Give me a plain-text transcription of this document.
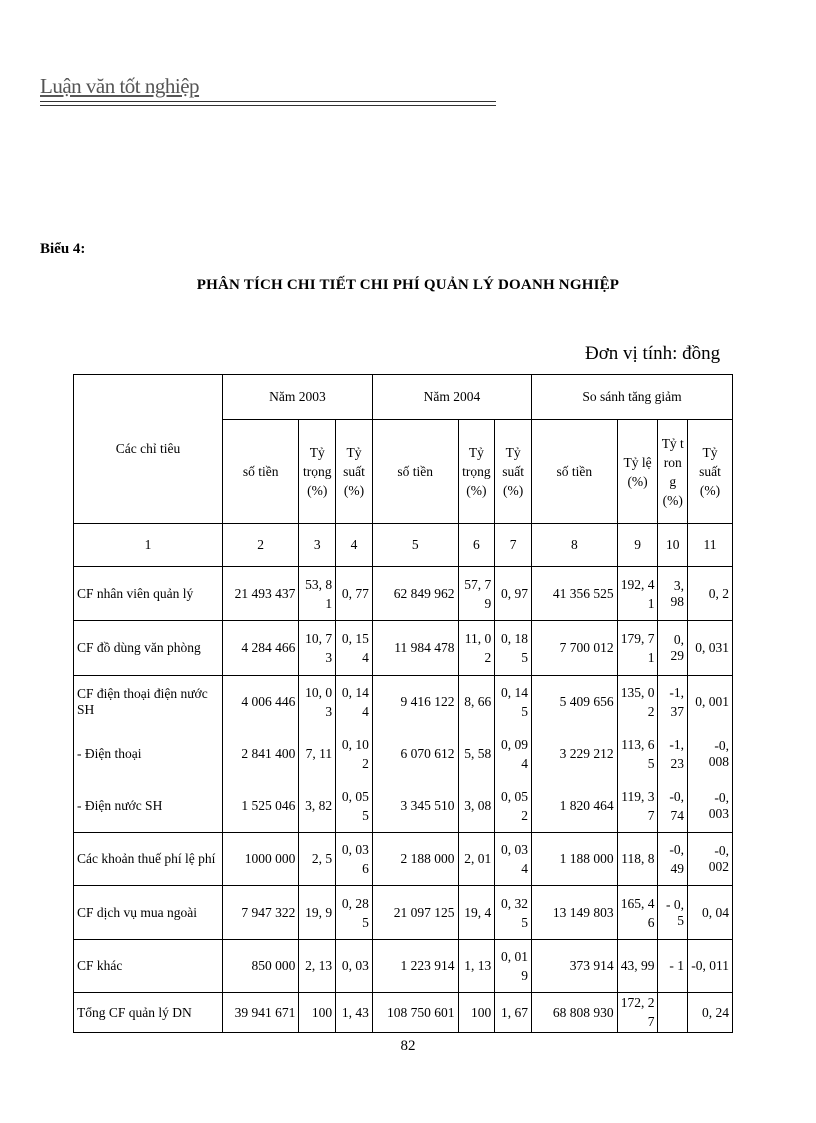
Luận văn tốt nghiệp
Biểu 4:
PHÂN TÍCH CHI TIẾT CHI PHÍ QUẢN LÝ DOANH NGHIỆP
Đơn vị tính: đồng
Các chỉ tiêu	Năm 2003			Năm 2004			So sánh tăng giảm			
	số tiền	Tỷ trọng (%)	Tỷ suất (%)	số tiền	Tỷ trọng (%)	Tỷ suất (%)	số tiền	Tỷ lệ (%)	Tỷ tron g (%)	Tỷ suất (%)
1	2	3	4	5	6	7	8	9	10	11
CF nhân viên quản lý	21 493 437	53, 81	0, 77	62 849 962	57, 79	0, 97	41 356 525	192, 41	3, 98	0, 2
CF đồ dùng văn phòng	4 284 466	10, 73	0, 154	11 984 478	11, 02	0, 185	7 700 012	179, 71	0, 29	0, 031
CF điện thoại điện nước SH	4 006 446	10, 03	0, 144	9 416 122	8, 66	0, 145	5 409 656	135, 02	-1, 37	0, 001
- Điện thoại	2 841 400	7, 11	0, 102	6 070 612	5, 58	0, 094	3 229 212	113, 65	-1, 23	-0, 008
- Điện nước SH	1 525 046	3, 82	0, 055	3 345 510	3, 08	0, 052	1 820 464	119, 37	-0, 74	-0, 003
Các khoản thuế phí lệ phí	1000 000	2, 5	0, 036	2 188 000	2, 01	0, 034	1 188 000	118, 8	-0, 49	-0, 002
CF dịch vụ mua ngoài	7 947 322	19, 9	0, 285	21 097 125	19, 4	0, 325	13 149 803	165, 46	- 0, 5	0, 04
CF khác	850 000	2, 13	0, 03	1 223 914	1, 13	0, 019	373 914	43, 99	- 1	-0, 011
Tổng CF quản lý DN	39 941 671	100	1, 43	108 750 601	100	1, 67	68 808 930	172, 27		0, 24
82
